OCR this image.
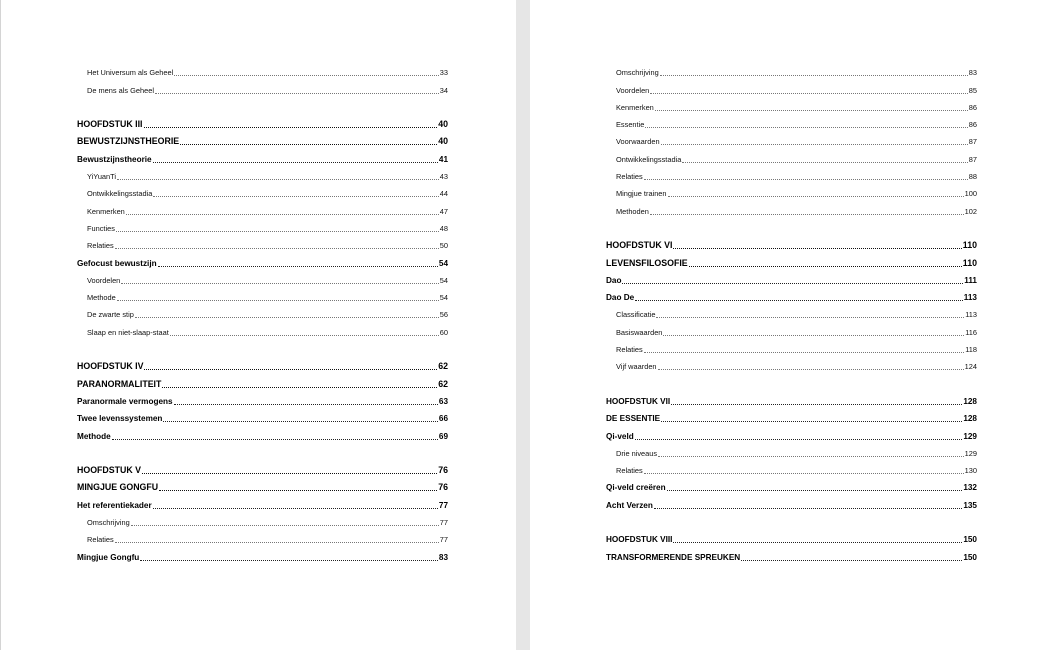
Het Universum als Geheel	33
De mens als Geheel	34
HOOFDSTUK III	40
BEWUSTZIJNSTHEORIE	40
Bewustzijnstheorie	41
YiYuanTi	43
Ontwikkelingsstadia	44
Kenmerken	47
Functies	48
Relaties	50
Gefocust bewustzijn	54
Voordelen	54
Methode	54
De zwarte stip	56
Slaap en niet-slaap-staat	60
HOOFDSTUK IV	62
PARANORMALITEIT	62
Paranormale vermogens	63
Twee levenssystemen	66
Methode	69
HOOFDSTUK V	76
MINGJUE GONGFU	76
Het referentiekader	77
Omschrijving	77
Relaties	77
Mingjue Gongfu	83
Omschrijving	83
Voordelen	85
Kenmerken	86
Essentie	86
Voorwaarden	87
Ontwikkelingsstadia	87
Relaties	88
Mingjue trainen	100
Methoden	102
HOOFDSTUK VI	110
LEVENSFILOSOFIE	110
Dao	111
Dao De	113
Classificatie	113
Basiswaarden	116
Relaties	118
Vijf waarden	124
HOOFDSTUK VII	128
DE ESSENTIE	128
Qi-veld	129
Drie niveaus	129
Relaties	130
Qi-veld creëren	132
Acht Verzen	135
HOOFDSTUK VIII	150
TRANSFORMERENDE SPREUKEN	150
